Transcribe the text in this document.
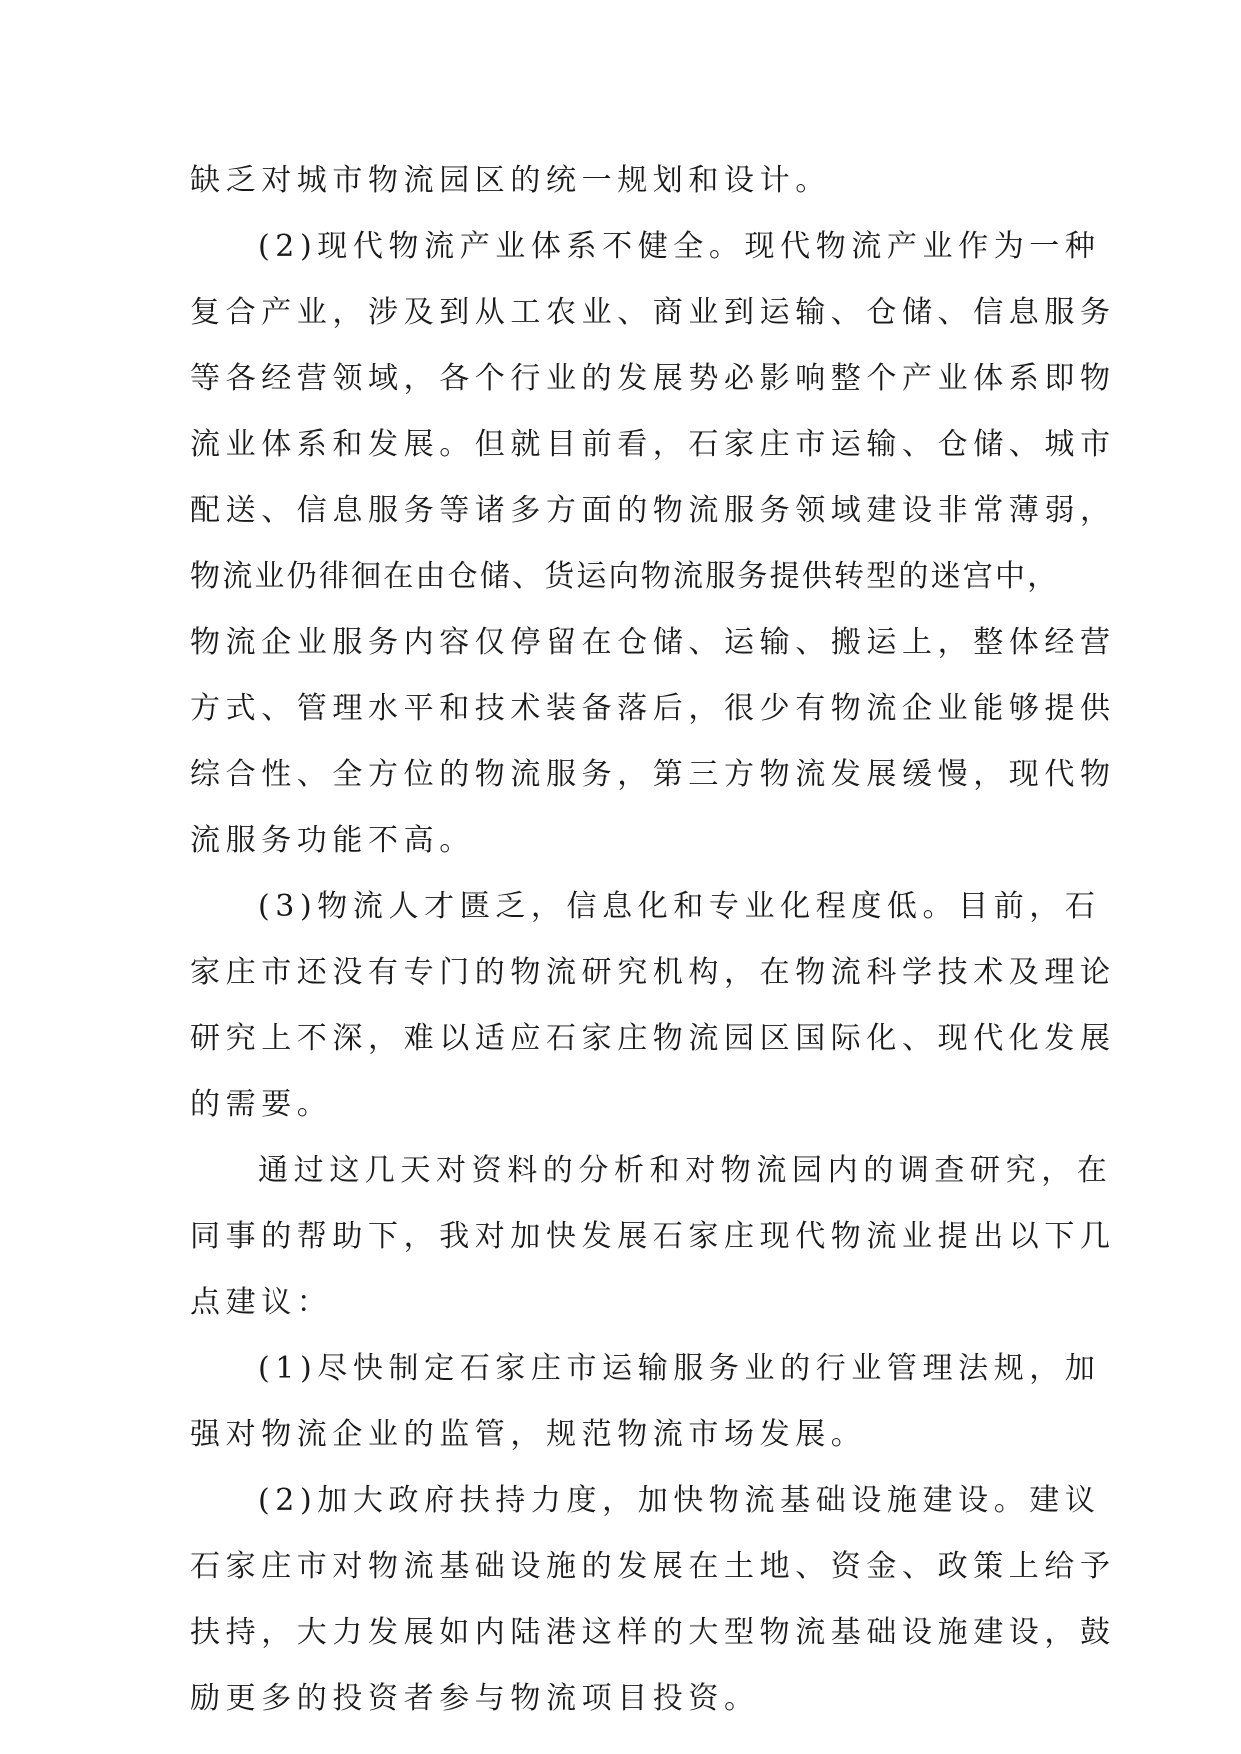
缺乏对城市物流园区的统一规划和设计。
(2)现代物流产业体系不健全。现代物流产业作为一种
复合产业，涉及到从工农业、商业到运输、仓储、信息服务
等各经营领域，各个行业的发展势必影响整个产业体系即物
流业体系和发展。但就目前看，石家庄市运输、仓储、城市
配送、信息服务等诸多方面的物流服务领域建设非常薄弱，
物流业仍徘徊在由仓储、货运向物流服务提供转型的迷宫中，
物流企业服务内容仅停留在仓储、运输、搬运上，整体经营
方式、管理水平和技术装备落后，很少有物流企业能够提供
综合性、全方位的物流服务，第三方物流发展缓慢，现代物
流服务功能不高。
(3)物流人才匮乏，信息化和专业化程度低。目前，石
家庄市还没有专门的物流研究机构，在物流科学技术及理论
研究上不深，难以适应石家庄物流园区国际化、现代化发展
的需要。
通过这几天对资料的分析和对物流园内的调查研究，在
同事的帮助下，我对加快发展石家庄现代物流业提出以下几
点建议：
(1)尽快制定石家庄市运输服务业的行业管理法规，加
强对物流企业的监管，规范物流市场发展。
(2)加大政府扶持力度，加快物流基础设施建设。建议
石家庄市对物流基础设施的发展在土地、资金、政策上给予
扶持，大力发展如内陆港这样的大型物流基础设施建设，鼓
励更多的投资者参与物流项目投资。
